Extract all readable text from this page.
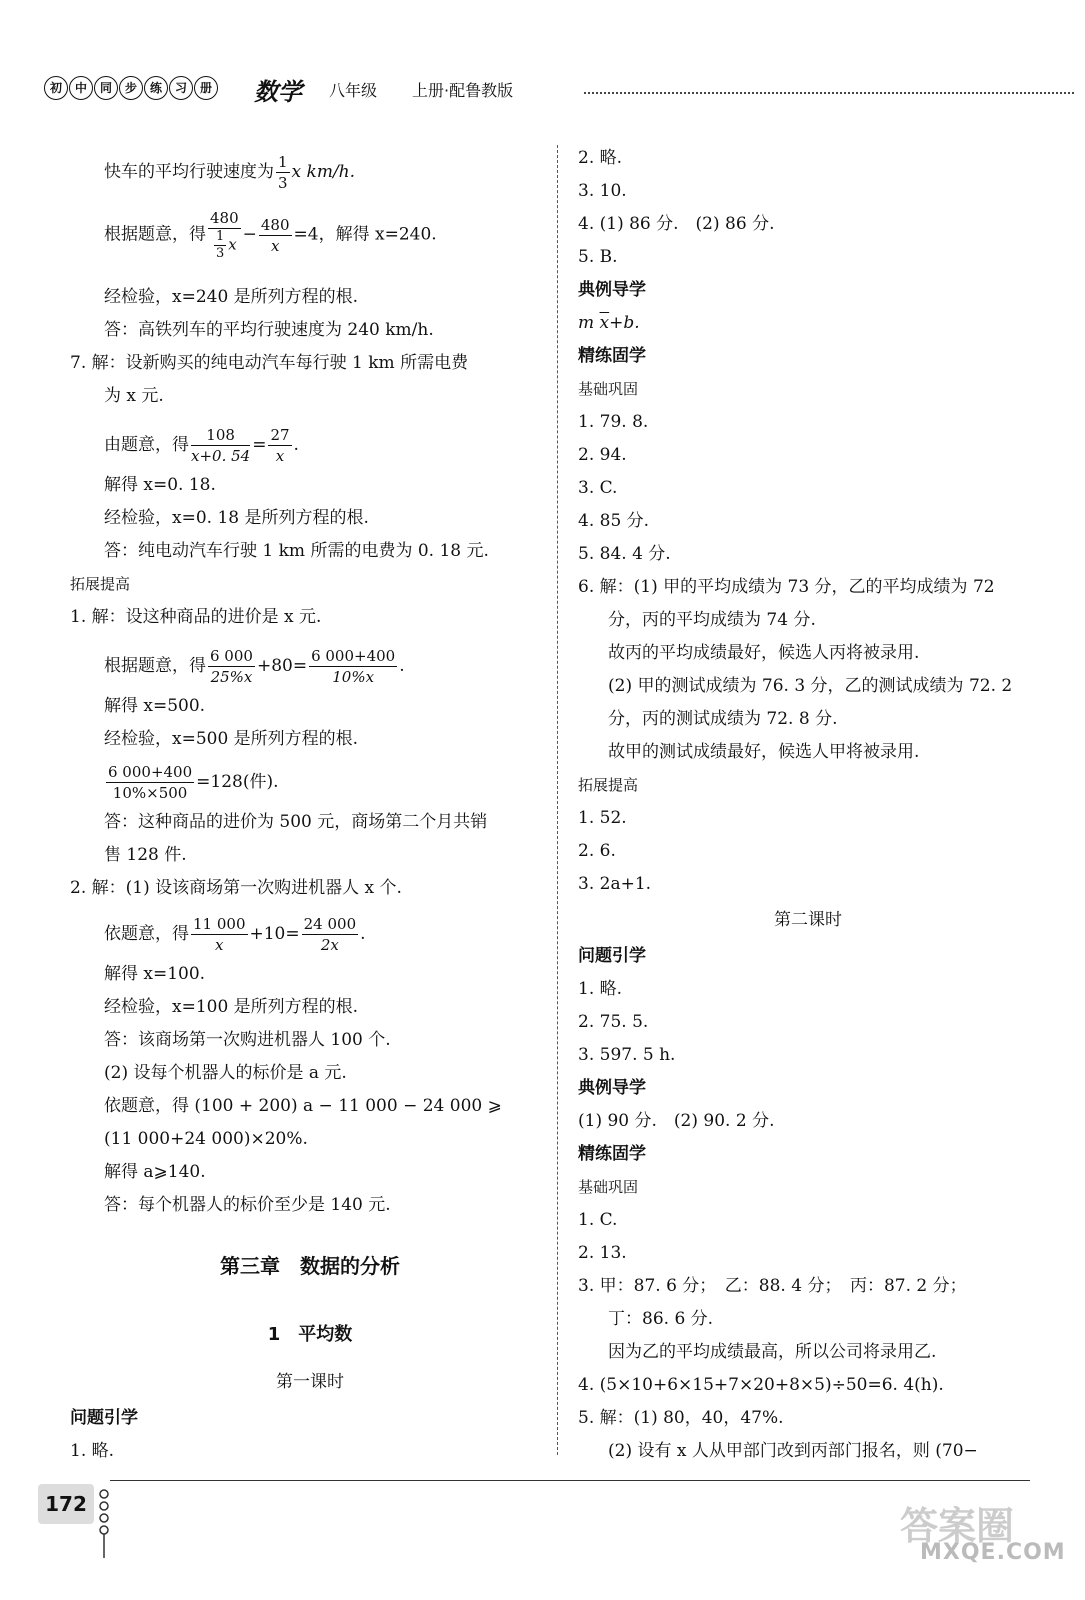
初	中	同	步	练	习	册 数学 八年级 上册·配鲁教版
快车的平均行驶速度为 $\frac{1}{3}$ x km/h.
根据题意，得 $\frac{480}{\frac{1}{3} x} - \frac{480}{x} =4$，解得 x=240.
经检验，x=240 是所列方程的根.
答：高铁列车的平均行驶速度为 240 km/h.
7. 解：设新购买的纯电动汽车每行驶 1 km 所需电费
为 x 元.
由题意，得 $\frac{108}{x+0. 54} = \frac{27}{x}$ .
解得 x=0. 18.
经检验，x=0. 18 是所列方程的根.
答：纯电动汽车行驶 1 km 所需的电费为 0. 18 元.
拓展提高
1. 解：设这种商品的进价是 x 元.
根据题意，得 $\frac{6 000}{25\%x} +80= \frac{6 000+400}{10\%x}$ .
解得 x=500.
经检验，x=500 是所列方程的根.
$\frac{6 000+400}{10\%\times 500} =128$(件).
答：这种商品的进价为 500 元，商场第二个月共销
售 128 件.
2. 解：(1) 设该商场第一次购进机器人 x 个.
依题意，得 $\frac{11 000}{x} +10= \frac{24 000}{2x}$ .
解得 x=100.
经检验，x=100 是所列方程的根.
答：该商场第一次购进机器人 100 个.
(2) 设每个机器人的标价是 a 元.
依题意，得 (100 + 200) a − 11 000 − 24 000 ⩾
(11 000+24 000)×20%.
解得 a⩾140.
答：每个机器人的标价至少是 140 元.
第三章　数据的分析
1　平均数
第一课时
问题引学
1. 略.
2. 略.
3. 10.
4. (1) 86 分.　(2) 86 分.
5. B.
典例导学
m $\overline{x}+b$.
精练固学
基础巩固
1. 79. 8.
2. 94.
3. C.
4. 85 分.
5. 84. 4 分.
6. 解：(1) 甲的平均成绩为 73 分，乙的平均成绩为 72
分，丙的平均成绩为 74 分.
故丙的平均成绩最好，候选人丙将被录用.
(2) 甲的测试成绩为 76. 3 分，乙的测试成绩为 72. 2
分，丙的测试成绩为 72. 8 分.
故甲的测试成绩最好，候选人甲将被录用.
拓展提高
1. 52.
2. 6.
3. 2a+1.
第二课时
问题引学
1. 略.
2. 75. 5.
3. 597. 5 h.
典例导学
(1) 90 分.　(2) 90. 2 分.
精练固学
基础巩固
1. C.
2. 13.
3. 甲：87. 6 分；　乙：88. 4 分；　丙：87. 2 分；
丁：86. 6 分.
因为乙的平均成绩最高，所以公司将录用乙.
4. (5×10+6×15+7×20+8×5)÷50=6. 4(h).
5. 解：(1) 80，40，47%.
(2) 设有 x 人从甲部门改到丙部门报名，则 (70−
172	答案圈
MXQE.COM
